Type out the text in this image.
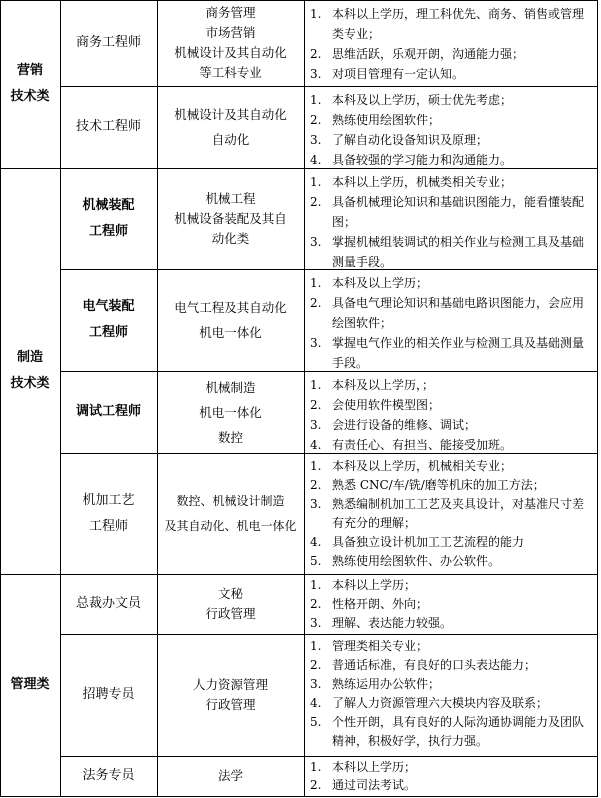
营销
技术类
制造
技术类
管理类
商务工程师
商务管理
市场营销
机械设计及其自动化
等工科专业
1. 本科以上学历，理工科优先、商务、销售或管理类专业；
2. 思维活跃，乐观开朗，沟通能力强；
3. 对项目管理有一定认知。
技术工程师
机械设计及其自动化
自动化
1. 本科及以上学历，硕士优先考虑；
2. 熟练使用绘图软件；
3. 了解自动化设备知识及原理；
4. 具备较强的学习能力和沟通能力。
机械装配
工程师
机械工程
机械设备装配及其自
动化类
1. 本科以上学历，机械类相关专业；
2. 具备机械理论知识和基础识图能力，能看懂装配图；
3. 掌握机械组装调试的相关作业与检测工具及基础测量手段。
电气装配
工程师
电气工程及其自动化
机电一体化
1. 本科及以上学历；
2. 具备电气理论知识和基础电路识图能力，会应用绘图软件；
3. 掌握电气作业的相关作业与检测工具及基础测量手段。
调试工程师
机械制造
机电一体化
数控
1. 本科及以上学历，；
2. 会使用软件模型图；
3. 会进行设备的维修、调试；
4. 有责任心、有担当、能接受加班。
机加工艺
工程师
数控、机械设计制造
及其自动化、机电一体化
1. 本科及以上学历，机械相关专业；
2. 熟悉 CNC/车/铣/磨等机床的加工方法；
3. 熟悉编制机加工工艺及夹具设计，对基准尺寸差有充分的理解；
4. 具备独立设计机加工工艺流程的能力
5. 熟练使用绘图软件、办公软件。
总裁办文员
文秘
行政管理
1. 本科以上学历；
2. 性格开朗、外向；
3. 理解、表达能力较强。
招聘专员
人力资源管理
行政管理
1. 管理类相关专业；
2. 普通话标准，有良好的口头表达能力；
3. 熟练运用办公软件；
4. 了解人力资源管理六大模块内容及联系；
5. 个性开朗，具有良好的人际沟通协调能力及团队精神，积极好学，执行力强。
法务专员	法学
1. 本科以上学历；
2. 通过司法考试。
